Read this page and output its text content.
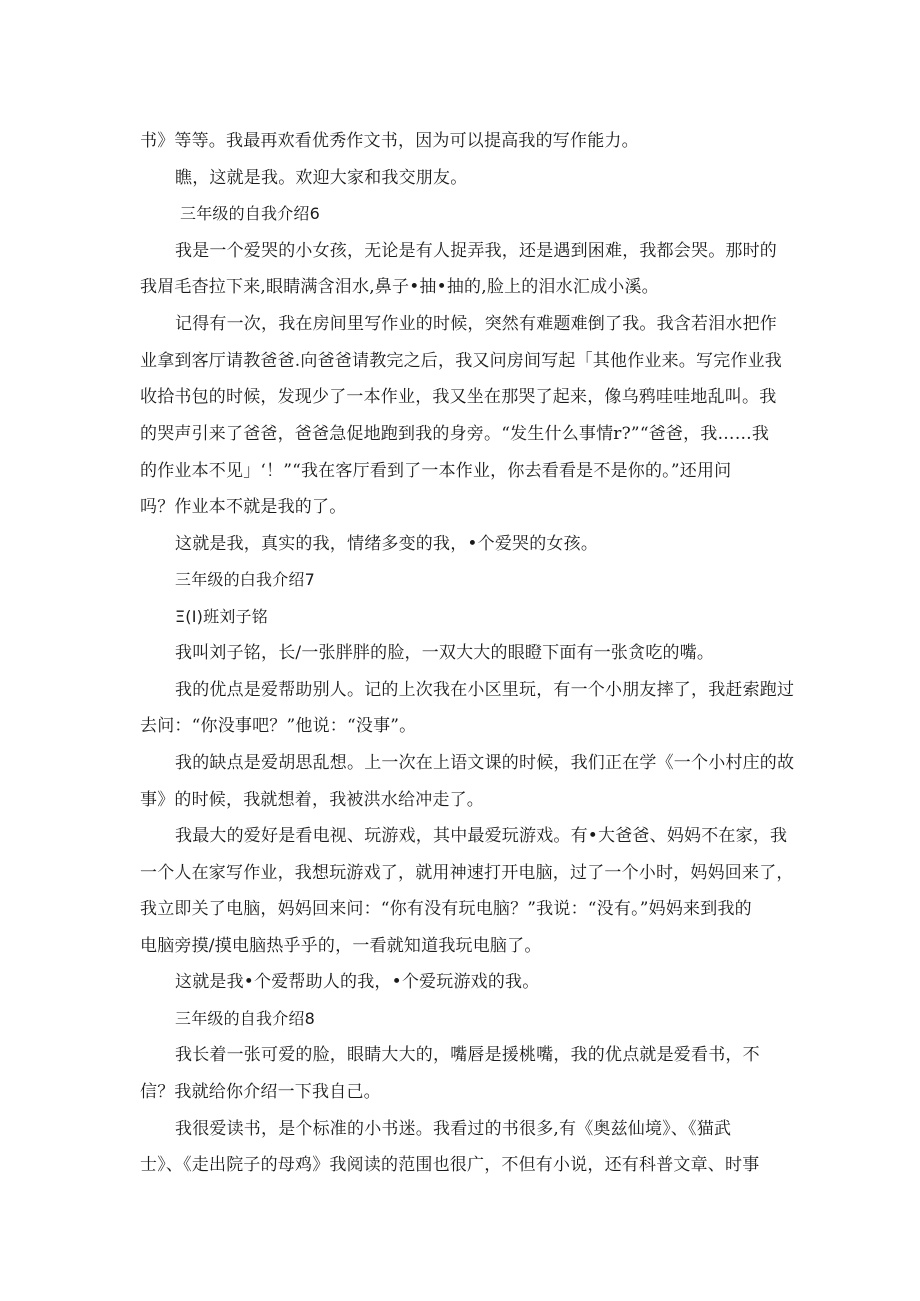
书》等等。我最再欢看优秀作文书，因为可以提高我的写作能力。
瞧，这就是我。欢迎大家和我交朋友。
三年级的自我介绍6
我是一个爱哭的小女孩，无论是有人捉弄我，还是遇到困难，我都会哭。那时的
我眉毛杳拉下来,眼睛满含泪水,鼻子•抽•抽的,脸上的泪水汇成小溪。
记得有一次，我在房间里写作业的时候，突然有难题难倒了我。我含若泪水把作
业拿到客厅请教爸爸.向爸爸请教完之后，我又问房间写起「其他作业来。写完作业我
收拾书包的时候，发现少了一本作业，我又坐在那哭了起来，像乌鸦哇哇地乱叫。我
的哭声引来了爸爸，爸爸急促地跑到我的身旁。“发生什么事情r?”“爸爸，我……我
的作业本不见」‘！”“我在客厅看到了一本作业，你去看看是不是你的。”还用问
吗？作业本不就是我的了。
这就是我，真实的我，情绪多变的我，•个爱哭的女孩。
三年级的白我介绍7
Ξ(I)班刘子铭
我叫刘子铭，长/一张胖胖的脸，一双大大的眼瞪下面有一张贪吃的嘴。
我的优点是爱帮助别人。记的上次我在小区里玩，有一个小朋友摔了，我赶索跑过
去问：“你没事吧？”他说：“没事”。
我的缺点是爱胡思乱想。上一次在上语文课的时候，我们正在学《一个小村庄的故
事》的时候，我就想着，我被洪水给冲走了。
我最大的爱好是看电视、玩游戏，其中最爱玩游戏。有•大爸爸、妈妈不在家，我
一个人在家写作业，我想玩游戏了，就用神速打开电脑，过了一个小时，妈妈回来了，
我立即关了电脑，妈妈回来问：“你有没有玩电脑？”我说：“没有。”妈妈来到我的
电脑旁摸/摸电脑热乎乎的，一看就知道我玩电脑了。
这就是我•个爱帮助人的我，•个爱玩游戏的我。
三年级的自我介绍8
我长着一张可爱的脸，眼睛大大的，嘴唇是援桃嘴，我的优点就是爱看书，不
信？我就给你介绍一下我自己。
我很爱读书，是个标准的小书迷。我看过的书很多,有《奥兹仙境》、《猫武
士》、《走出院子的母鸡》我阅读的范围也很广，不但有小说，还有科普文章、时事
